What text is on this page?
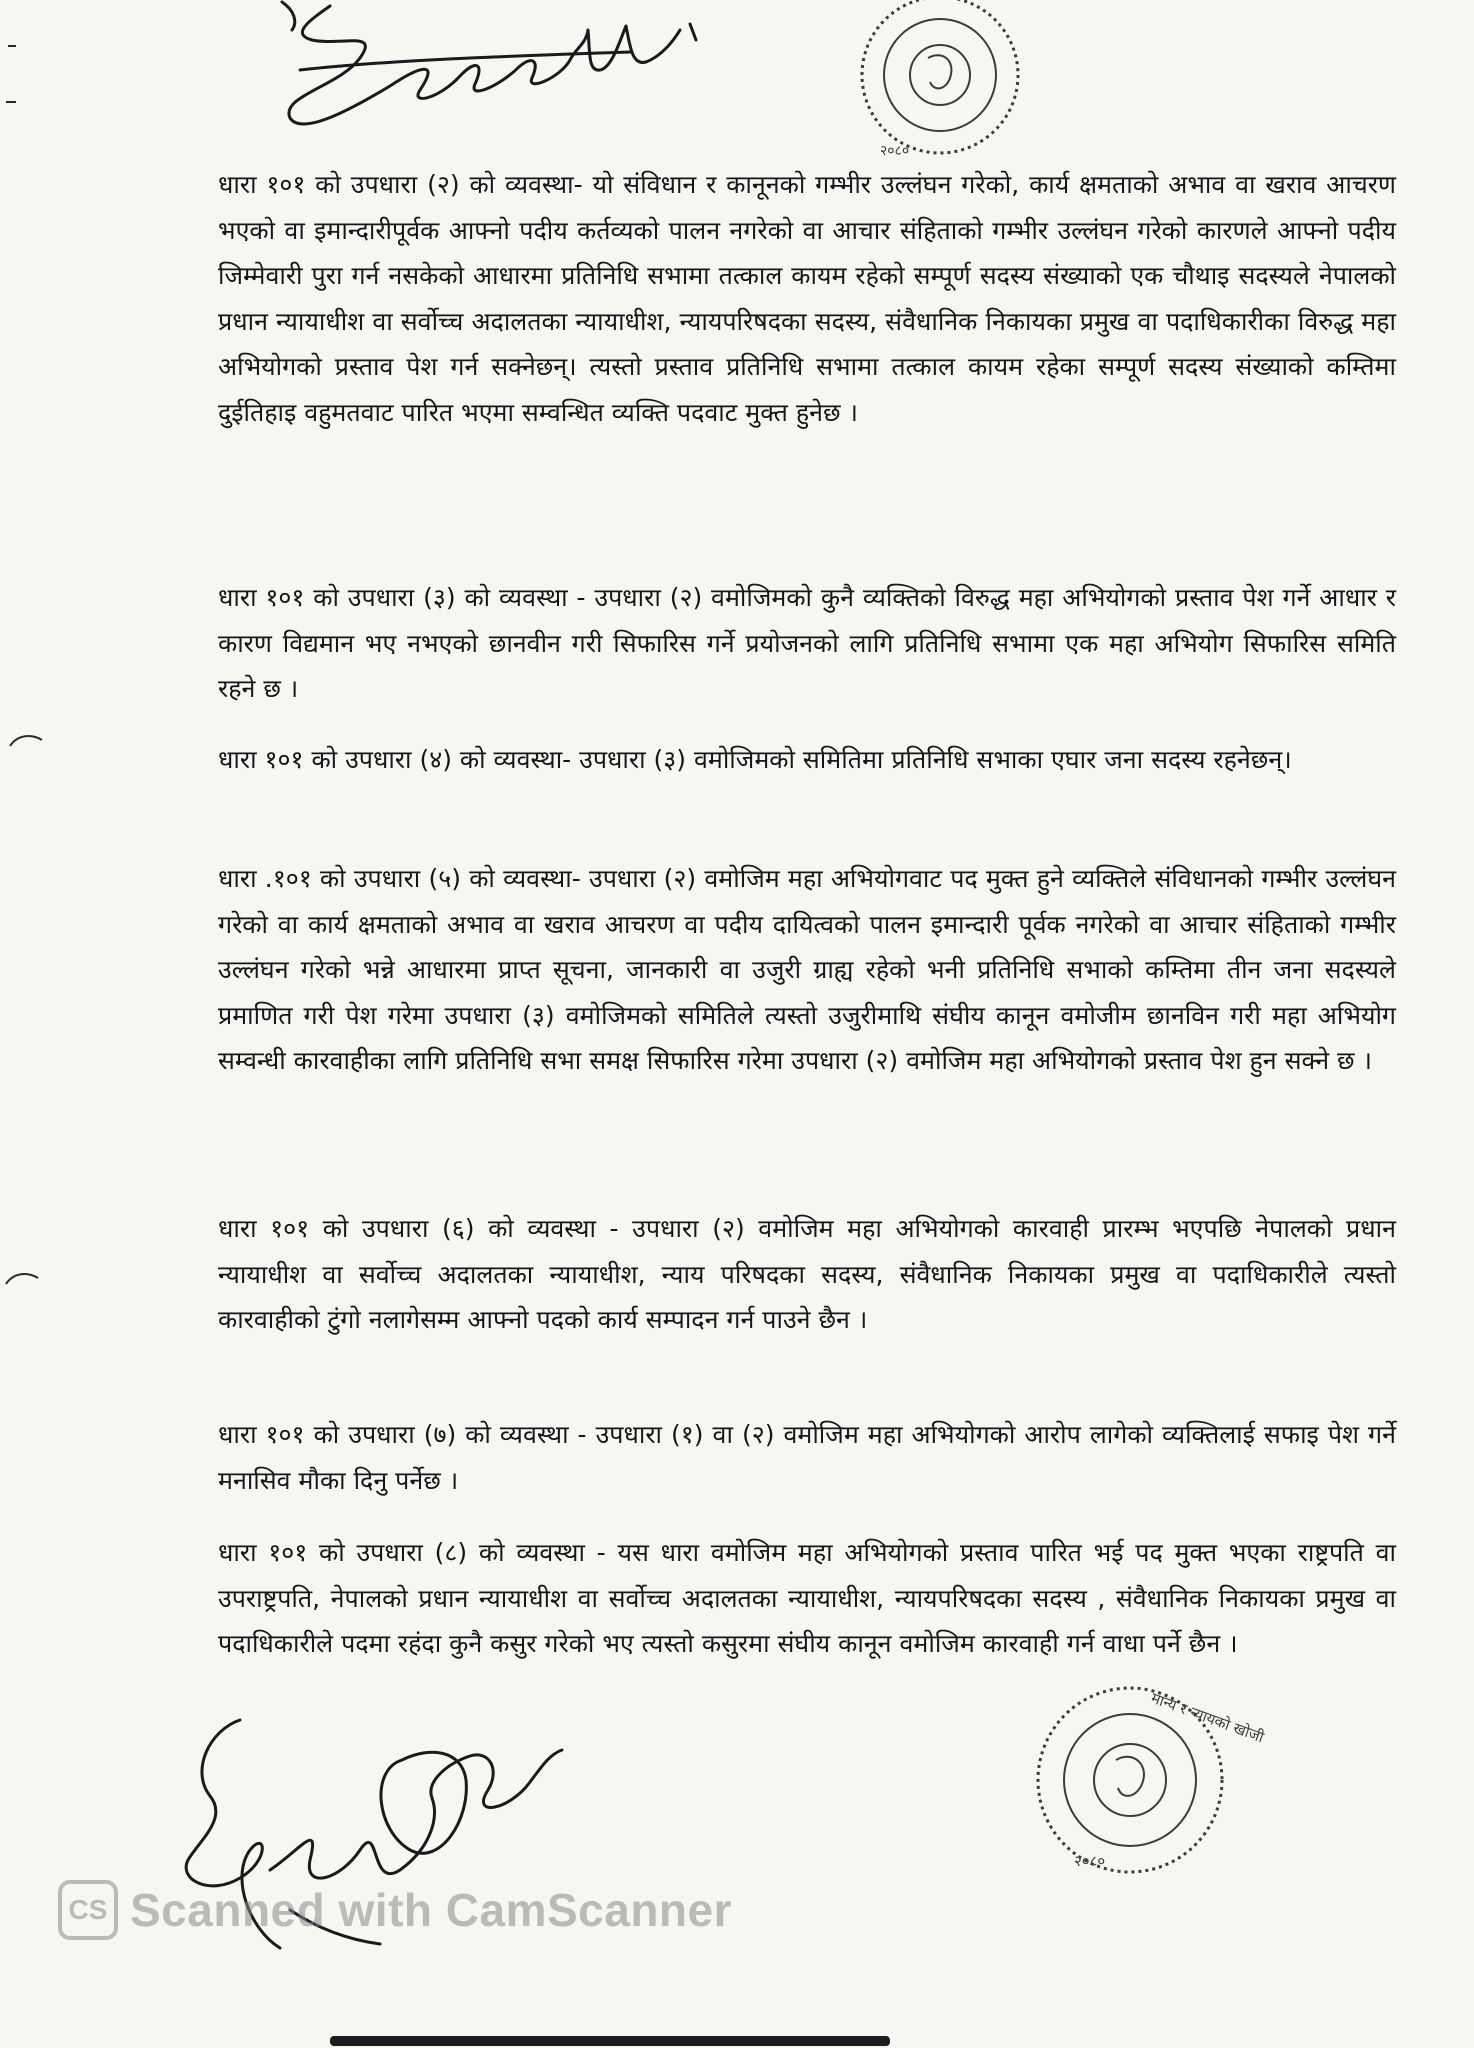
२०८०

धारा १०१ को उपधारा (२) को व्यवस्था- यो संविधान र कानूनको गम्भीर उल्लंघन गरेको, कार्य क्षमताको अभाव वा खराव आचरण भएको वा इमान्दारीपूर्वक आफ्नो पदीय कर्तव्यको पालन नगरेको वा आचार संहिताको गम्भीर उल्लंघन गरेको कारणले आफ्नो पदीय जिम्मेवारी पुरा गर्न नसकेको आधारमा प्रतिनिधि सभामा तत्काल कायम रहेको सम्पूर्ण सदस्य संख्याको एक चौथाइ सदस्यले नेपालको प्रधान न्यायाधीश वा सर्वोच्च अदालतका न्यायाधीश, न्यायपरिषदका सदस्य, संवैधानिक निकायका प्रमुख वा पदाधिकारीका विरुद्ध महा अभियोगको प्रस्ताव पेश गर्न सक्नेछन्। त्यस्तो प्रस्ताव प्रतिनिधि सभामा तत्काल कायम रहेका सम्पूर्ण सदस्य संख्याको कम्तिमा दुईतिहाइ वहुमतवाट पारित भएमा सम्वन्धित व्यक्ति पदवाट मुक्त हुनेछ ।

धारा १०१ को उपधारा (३) को व्यवस्था - उपधारा (२) वमोजिमको कुनै व्यक्तिको विरुद्ध महा अभियोगको प्रस्ताव पेश गर्ने आधार र कारण विद्यमान भए नभएको छानवीन गरी सिफारिस गर्ने प्रयोजनको लागि प्रतिनिधि सभामा एक महा अभियोग सिफारिस समिति रहने छ ।

धारा १०१ को उपधारा (४) को व्यवस्था- उपधारा (३) वमोजिमको समितिमा प्रतिनिधि सभाका एघार जना सदस्य रहनेछन्।

धारा .१०१ को उपधारा (५) को व्यवस्था- उपधारा (२) वमोजिम महा अभियोगवाट पद मुक्त हुने व्यक्तिले संविधानको गम्भीर उल्लंघन गरेको वा कार्य क्षमताको अभाव वा खराव आचरण वा पदीय दायित्वको पालन इमान्दारी पूर्वक नगरेको वा आचार संहिताको गम्भीर उल्लंघन गरेको भन्ने आधारमा प्राप्त सूचना, जानकारी वा उजुरी ग्राह्य रहेको भनी प्रतिनिधि सभाको कम्तिमा तीन जना सदस्यले प्रमाणित गरी पेश गरेमा उपधारा (३) वमोजिमको समितिले त्यस्तो उजुरीमाथि संघीय कानून वमोजीम छानविन गरी महा अभियोग सम्वन्धी कारवाहीका लागि प्रतिनिधि सभा समक्ष सिफारिस गरेमा उपधारा (२) वमोजिम महा अभियोगको प्रस्ताव पेश हुन सक्ने छ ।

धारा १०१ को उपधारा (६) को व्यवस्था - उपधारा (२) वमोजिम महा अभियोगको कारवाही प्रारम्भ भएपछि नेपालको प्रधान न्यायाधीश वा सर्वोच्च अदालतका न्यायाधीश, न्याय परिषदका सदस्य, संवैधानिक निकायका प्रमुख वा पदाधिकारीले त्यस्तो कारवाहीको टुंगो नलागेसम्म आफ्नो पदको कार्य सम्पादन गर्न पाउने छैन ।

धारा १०१ को उपधारा (७) को व्यवस्था - उपधारा (१) वा (२) वमोजिम महा अभियोगको आरोप लागेको व्यक्तिलाई सफाइ पेश गर्ने मनासिव मौका दिनु पर्नेछ ।

धारा १०१ को उपधारा (८) को व्यवस्था - यस धारा वमोजिम महा अभियोगको प्रस्ताव पारित भई पद मुक्त भएका राष्ट्रपति वा उपराष्ट्रपति, नेपालको प्रधान न्यायाधीश वा सर्वोच्च अदालतका न्यायाधीश, न्यायपरिषदका सदस्य , संवैधानिक निकायका प्रमुख वा पदाधिकारीले पदमा रहंदा कुनै कसुर गरेको भए त्यस्तो कसुरमा संघीय कानून वमोजिम कारवाही गर्न वाधा पर्ने छैन ।

मान्य र न्यायको खोजी
२०८०
CS Scanned with CamScanner
